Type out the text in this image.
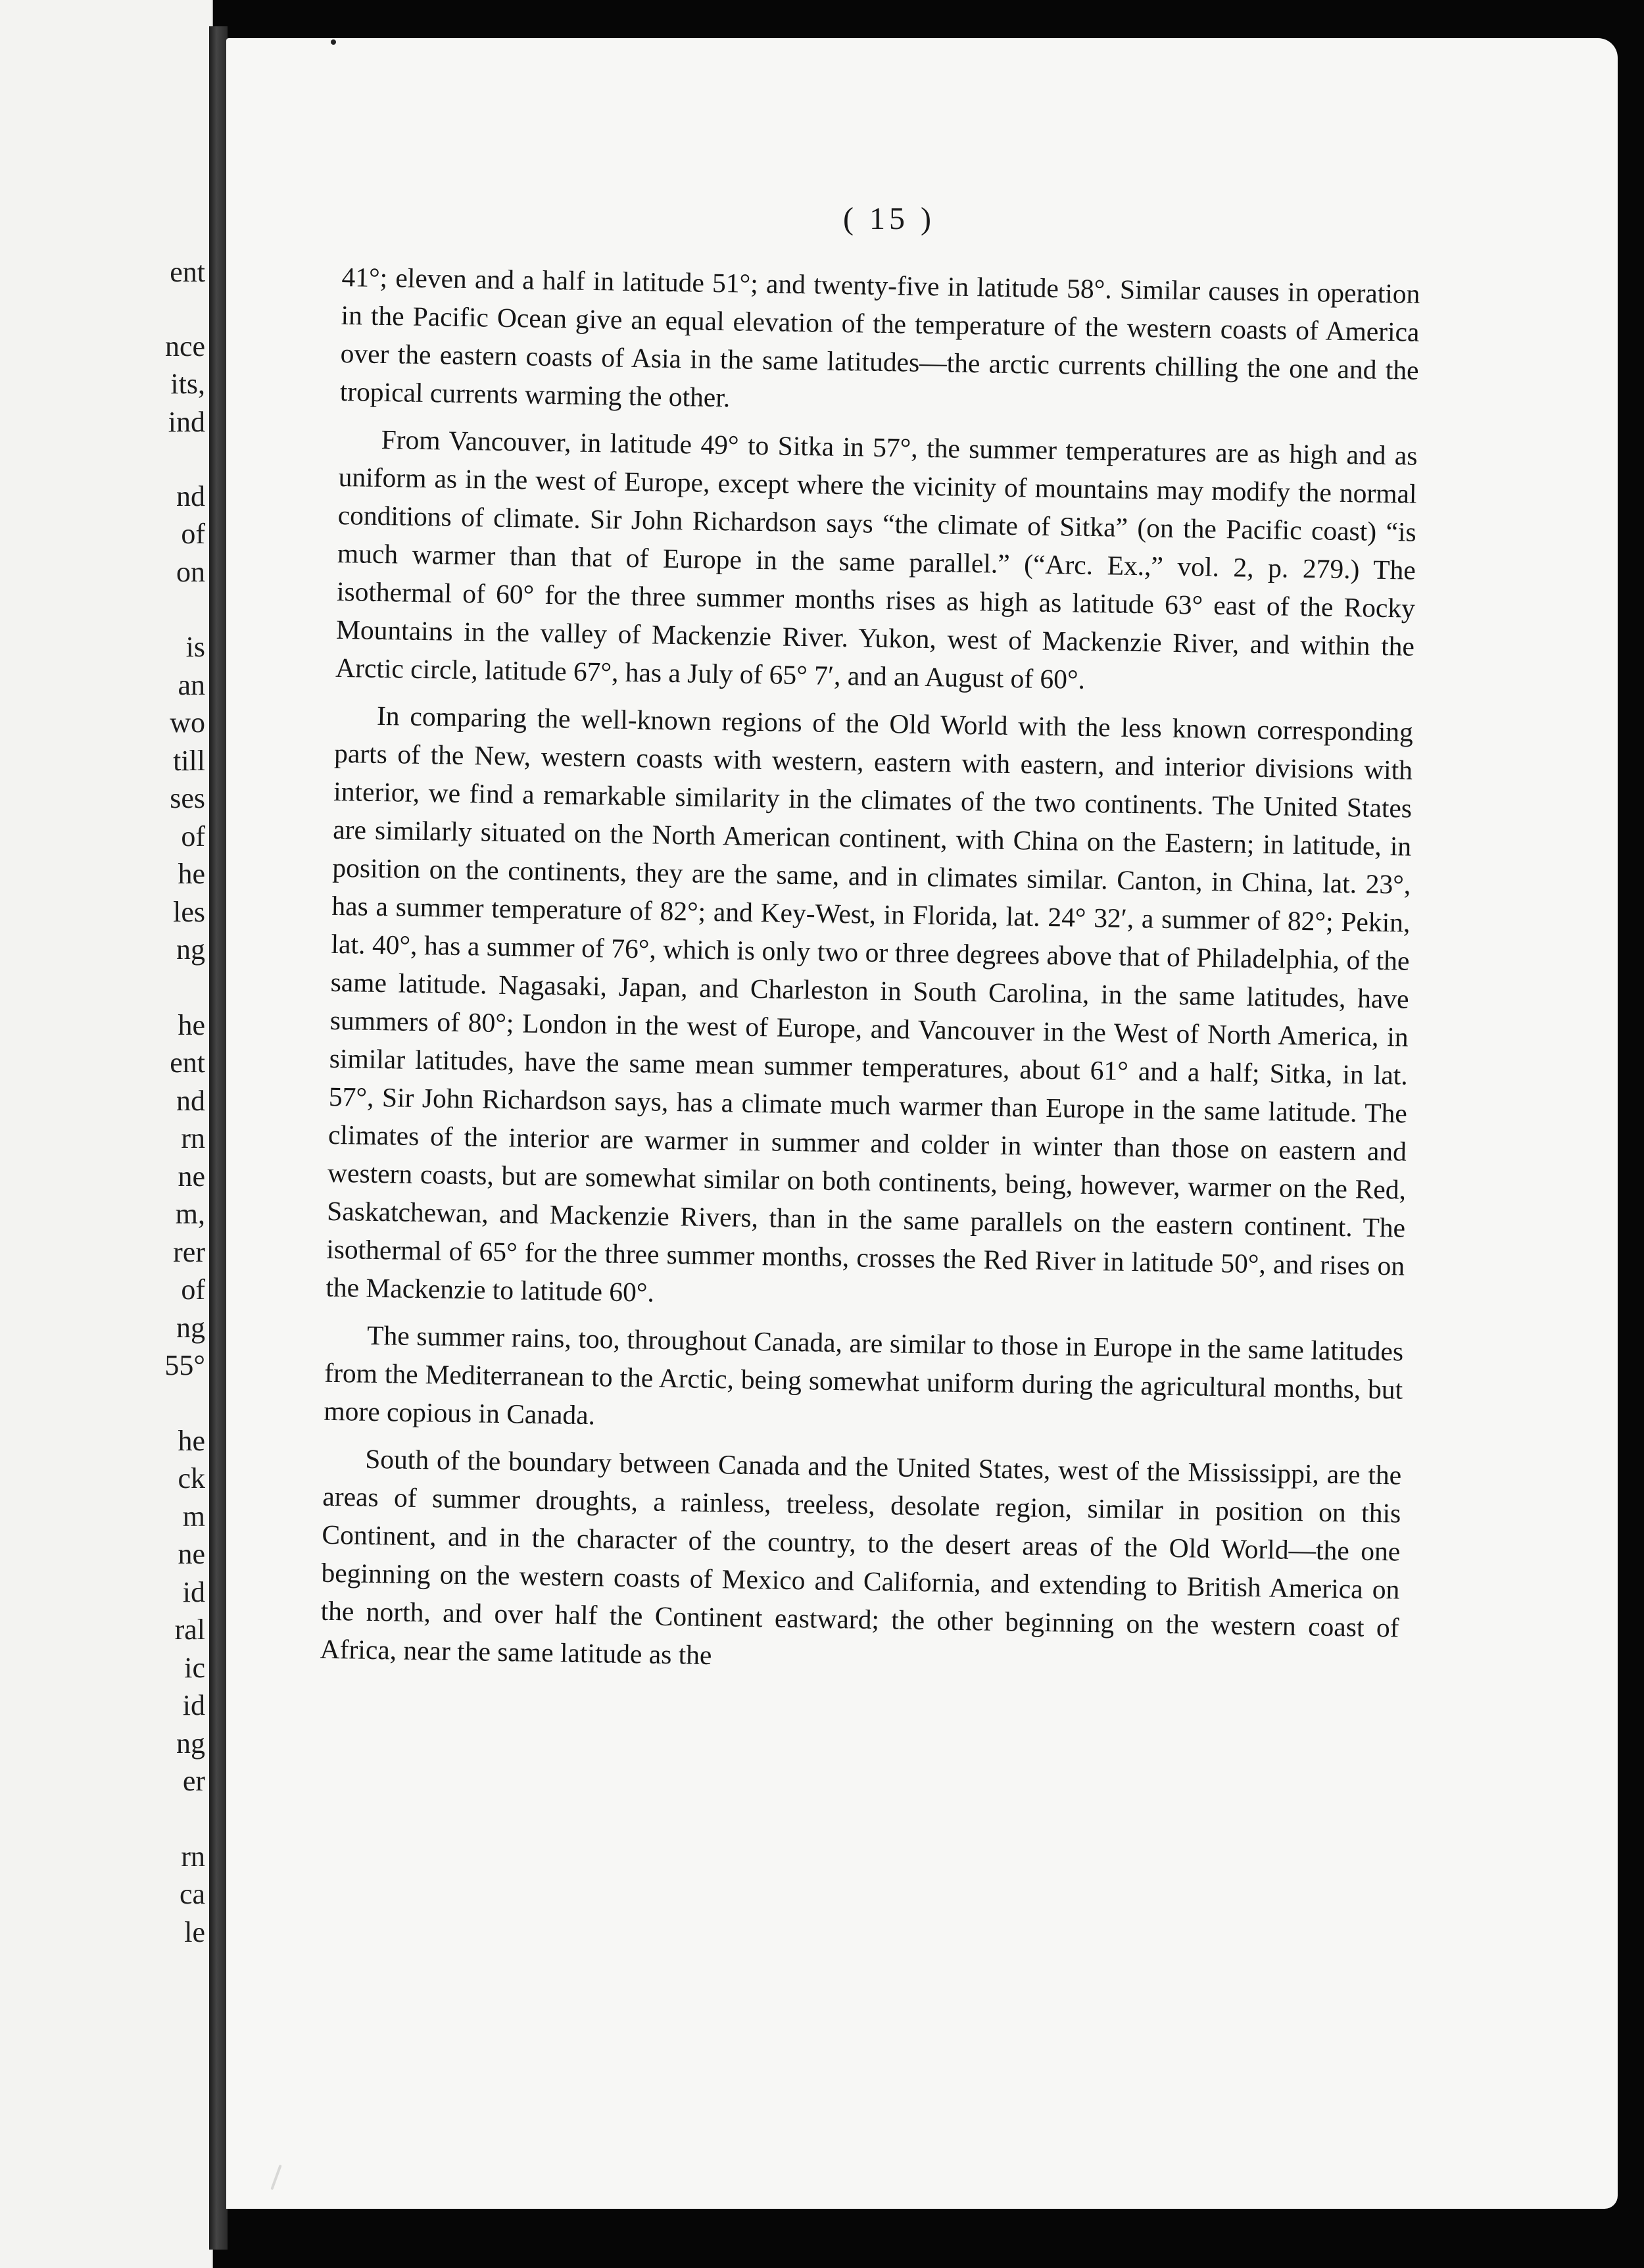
ent
nce
its,
ind
nd
of
on
is
an
wo
till
ses
of
he
les
ng
he
ent
nd
rn
ne
m,
rer
of
ng
55°
he
ck
m
ne
id
ral
ic
id
ng
er
rn
ca
le
( 15 )

41°; eleven and a half in latitude 51°; and twenty-five in latitude 58°. Similar causes in operation in the Pacific Ocean give an equal elevation of the temperature of the western coasts of America over the eastern coasts of Asia in the same latitudes—the arctic currents chilling the one and the tropical currents warming the other.

From Vancouver, in latitude 49° to Sitka in 57°, the summer temperatures are as high and as uniform as in the west of Europe, except where the vicinity of mountains may modify the normal conditions of climate. Sir John Richardson says “the climate of Sitka” (on the Pacific coast) “is much warmer than that of Europe in the same parallel.” (“Arc. Ex.,” vol. 2, p. 279.) The isothermal of 60° for the three summer months rises as high as latitude 63° east of the Rocky Mountains in the valley of Mackenzie River. Yukon, west of Mackenzie River, and within the Arctic circle, latitude 67°, has a July of 65° 7′, and an August of 60°.

In comparing the well-known regions of the Old World with the less known corresponding parts of the New, western coasts with western, eastern with eastern, and interior divisions with interior, we find a remarkable similarity in the climates of the two continents. The United States are similarly situated on the North American continent, with China on the Eastern; in latitude, in position on the continents, they are the same, and in climates similar. Canton, in China, lat. 23°, has a summer temperature of 82°; and Key-West, in Florida, lat. 24° 32′, a summer of 82°; Pekin, lat. 40°, has a summer of 76°, which is only two or three degrees above that of Philadelphia, of the same latitude. Nagasaki, Japan, and Charleston in South Carolina, in the same latitudes, have summers of 80°; London in the west of Europe, and Vancouver in the West of North America, in similar latitudes, have the same mean summer temperatures, about 61° and a half; Sitka, in lat. 57°, Sir John Richardson says, has a climate much warmer than Europe in the same latitude. The climates of the interior are warmer in summer and colder in winter than those on eastern and western coasts, but are somewhat similar on both continents, being, however, warmer on the Red, Saskatchewan, and Mackenzie Rivers, than in the same parallels on the eastern continent. The isothermal of 65° for the three summer months, crosses the Red River in latitude 50°, and rises on the Mackenzie to latitude 60°.

The summer rains, too, throughout Canada, are similar to those in Europe in the same latitudes from the Mediterranean to the Arctic, being somewhat uniform during the agricultural months, but more copious in Canada.

South of the boundary between Canada and the United States, west of the Mississippi, are the areas of summer droughts, a rainless, treeless, desolate region, similar in position on this Continent, and in the character of the country, to the desert areas of the Old World—the one beginning on the western coasts of Mexico and California, and extending to British America on the north, and over half the Continent eastward; the other beginning on the western coast of Africa, near the same latitude as the
